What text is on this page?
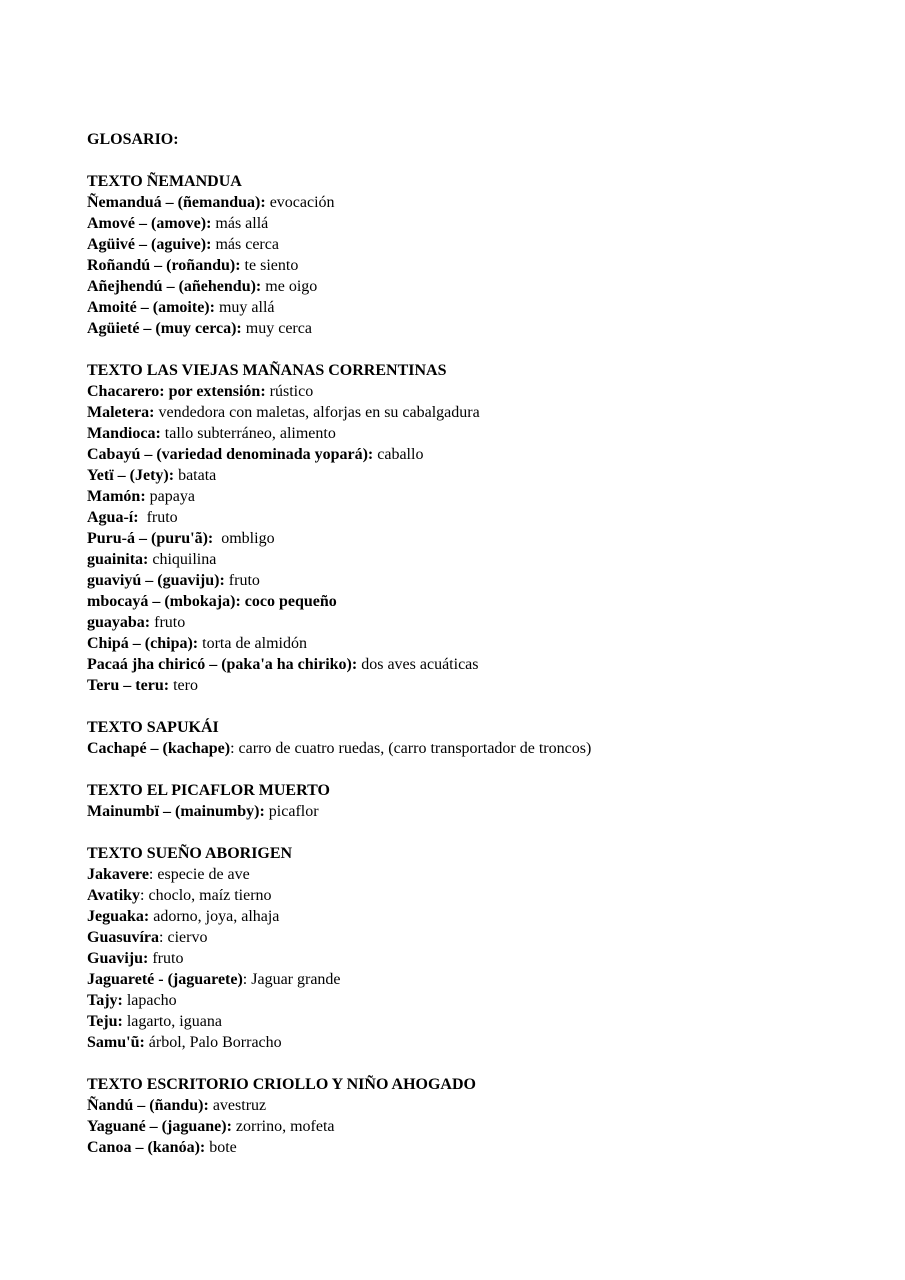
GLOSARIO:
TEXTO ÑEMANDUA
Ñemanduá – (ñemandua): evocación
Amové – (amove): más allá
Agüivé – (aguive): más cerca
Roñandú – (roñandu): te siento
Añejhendú – (añehendu): me oigo
Amoité – (amoite): muy allá
Agüieté – (muy cerca): muy cerca
TEXTO LAS VIEJAS MAÑANAS CORRENTINAS
Chacarero: por extensión: rústico
Maletera: vendedora con maletas, alforjas en su cabalgadura
Mandioca: tallo subterráneo, alimento
Cabayú – (variedad denominada yopará): caballo
Yetï – (Jety): batata
Mamón: papaya
Agua-í:  fruto
Puru-á – (puru'ã):  ombligo
guainita: chiquilina
guaviyú – (guaviju): fruto
mbocayá – (mbokaja): coco pequeño
guayaba: fruto
Chipá – (chipa): torta de almidón
Pacaá jha chiricó – (paka'a ha chiriko): dos aves acuáticas
Teru – teru: tero
TEXTO SAPUKÁI
Cachapé – (kachape): carro de cuatro ruedas, (carro transportador de troncos)
TEXTO EL PICAFLOR MUERTO
Mainumbï – (mainumby): picaflor
TEXTO SUEÑO ABORIGEN
Jakavere: especie de ave
Avatiky: choclo, maíz tierno
Jeguaka: adorno, joya, alhaja
Guasuvíra: ciervo
Guaviju: fruto
Jaguareté - (jaguarete): Jaguar grande
Tajy: lapacho
Teju: lagarto, iguana
Samu'ũ: árbol, Palo Borracho
TEXTO ESCRITORIO CRIOLLO Y NIÑO AHOGADO
Ñandú – (ñandu): avestruz
Yaguané – (jaguane): zorrino, mofeta
Canoa – (kanóa): bote
